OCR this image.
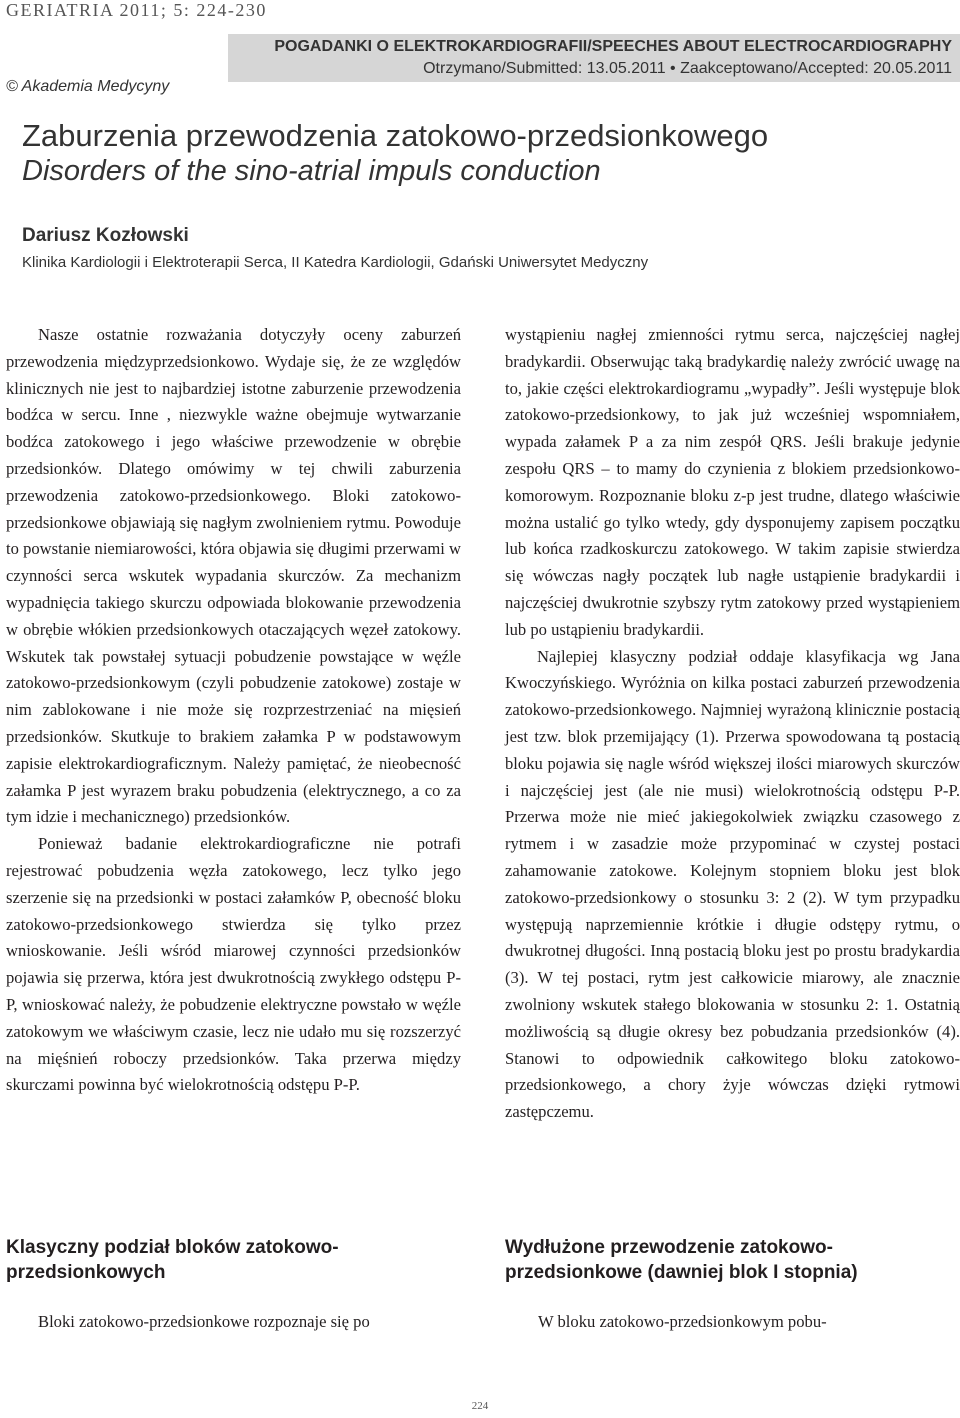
GERIATRIA 2011; 5: 224-230
© Akademia Medycyny
POGADANKI O ELEKTROKARDIOGRAFII/SPEECHES ABOUT ELECTROCARDIOGRAPHY
Otrzymano/Submitted: 13.05.2011 • Zaakceptowano/Accepted: 20.05.2011
Zaburzenia przewodzenia zatokowo-przedsionkowego
Disorders of the sino-atrial impuls conduction
Dariusz Kozłowski
Klinika Kardiologii i Elektroterapii Serca, II Katedra Kardiologii, Gdański Uniwersytet Medyczny

Nasze ostatnie rozważania dotyczyły oceny zaburzeń przewodzenia międzyprzedsionkowo. Wydaje się, że ze względów klinicznych nie jest to najbardziej istotne zaburzenie przewodzenia bodźca w sercu. Inne , niezwykle ważne obejmuje wytwarzanie bodźca zatokowego i jego właściwe przewodzenie w obrębie przedsionków. Dlatego omówimy w tej chwili zaburzenia przewodzenia zatokowo-przedsionkowego. Bloki zatokowo-przedsionkowe objawiają się nagłym zwolnieniem rytmu. Powoduje to powstanie niemiarowości, która objawia się długimi przerwami w czynności serca wskutek wypadania skurczów. Za mechanizm wypadnięcia takiego skurczu odpowiada blokowanie przewodzenia w obrębie włókien przedsionkowych otaczających węzeł zatokowy. Wskutek tak powstałej sytuacji pobudzenie powstające w węźle zatokowo-przedsionkowym (czyli pobudzenie zatokowe) zostaje w nim zablokowane i nie może się rozprzestrzeniać na mięsień przedsionków. Skutkuje to brakiem załamka P w podstawowym zapisie elektrokardiograficznym. Należy pamiętać, że nieobecność załamka P jest wyrazem braku pobudzenia (elektrycznego, a co za tym idzie i mechanicznego) przedsionków.

Ponieważ badanie elektrokardiograficzne nie potrafi rejestrować pobudzenia węzła zatokowego, lecz tylko jego szerzenie się na przedsionki w postaci załamków P, obecność bloku zatokowo-przedsionkowego stwierdza się tylko przez wnioskowanie. Jeśli wśród miarowej czynności przedsionków pojawia się przerwa, która jest dwukrotnością zwykłego odstępu P-P, wnioskować należy, że pobudzenie elektryczne powstało w węźle zatokowym we właściwym czasie, lecz nie udało mu się rozszerzyć na mięśnień roboczy przedsionków. Taka przerwa między skurczami powinna być wielokrotnością odstępu P-P.

wystąpieniu nagłej zmienności rytmu serca, najczęściej nagłej bradykardii. Obserwując taką bradykardię należy zwrócić uwagę na to, jakie części elektrokardiogramu „wypadły”. Jeśli występuje blok zatokowo-przedsionkowy, to jak już wcześniej wspomniałem, wypada załamek P a za nim zespół QRS. Jeśli brakuje jedynie zespołu QRS – to mamy do czynienia z blokiem przedsionkowo-komorowym. Rozpoznanie bloku z-p jest trudne, dlatego właściwie można ustalić go tylko wtedy, gdy dysponujemy zapisem początku lub końca rzadkoskurczu zatokowego. W takim zapisie stwierdza się wówczas nagły początek lub nagłe ustąpienie bradykardii i najczęściej dwukrotnie szybszy rytm zatokowy przed wystąpieniem lub po ustąpieniu bradykardii.

Najlepiej klasyczny podział oddaje klasyfikacja wg Jana Kwoczyńskiego. Wyróżnia on kilka postaci zaburzeń przewodzenia zatokowo-przedsionkowego. Najmniej wyrażoną klinicznie postacią jest tzw. blok przemijający (1). Przerwa spowodowana tą postacią bloku pojawia się nagle wśród większej ilości miarowych skurczów i najczęściej jest (ale nie musi) wielokrotnością odstępu P-P. Przerwa może nie mieć jakiegokolwiek związku czasowego z rytmem i w zasadzie może przypominać w czystej postaci zahamowanie zatokowe. Kolejnym stopniem bloku jest blok zatokowo-przedsionkowy o stosunku 3: 2 (2). W tym przypadku występują naprzemiennie krótkie i długie odstępy rytmu, o dwukrotnej długości. Inną postacią bloku jest po prostu bradykardia (3). W tej postaci, rytm jest całkowicie miarowy, ale znacznie zwolniony wskutek stałego blokowania w stosunku 2: 1. Ostatnią możliwością są długie okresy bez pobudzania przedsionków (4). Stanowi to odpowiednik całkowitego bloku zatokowo-przedsionkowego, a chory żyje wówczas dzięki rytmowi zastępczemu.

Klasyczny podział bloków zatokowo-przedsionkowych
Wydłużone przewodzenie zatokowo-przedsionkowe (dawniej blok I stopnia)
Bloki zatokowo-przedsionkowe rozpoznaje się po	W bloku zatokowo-przedsionkowym pobu-
224
